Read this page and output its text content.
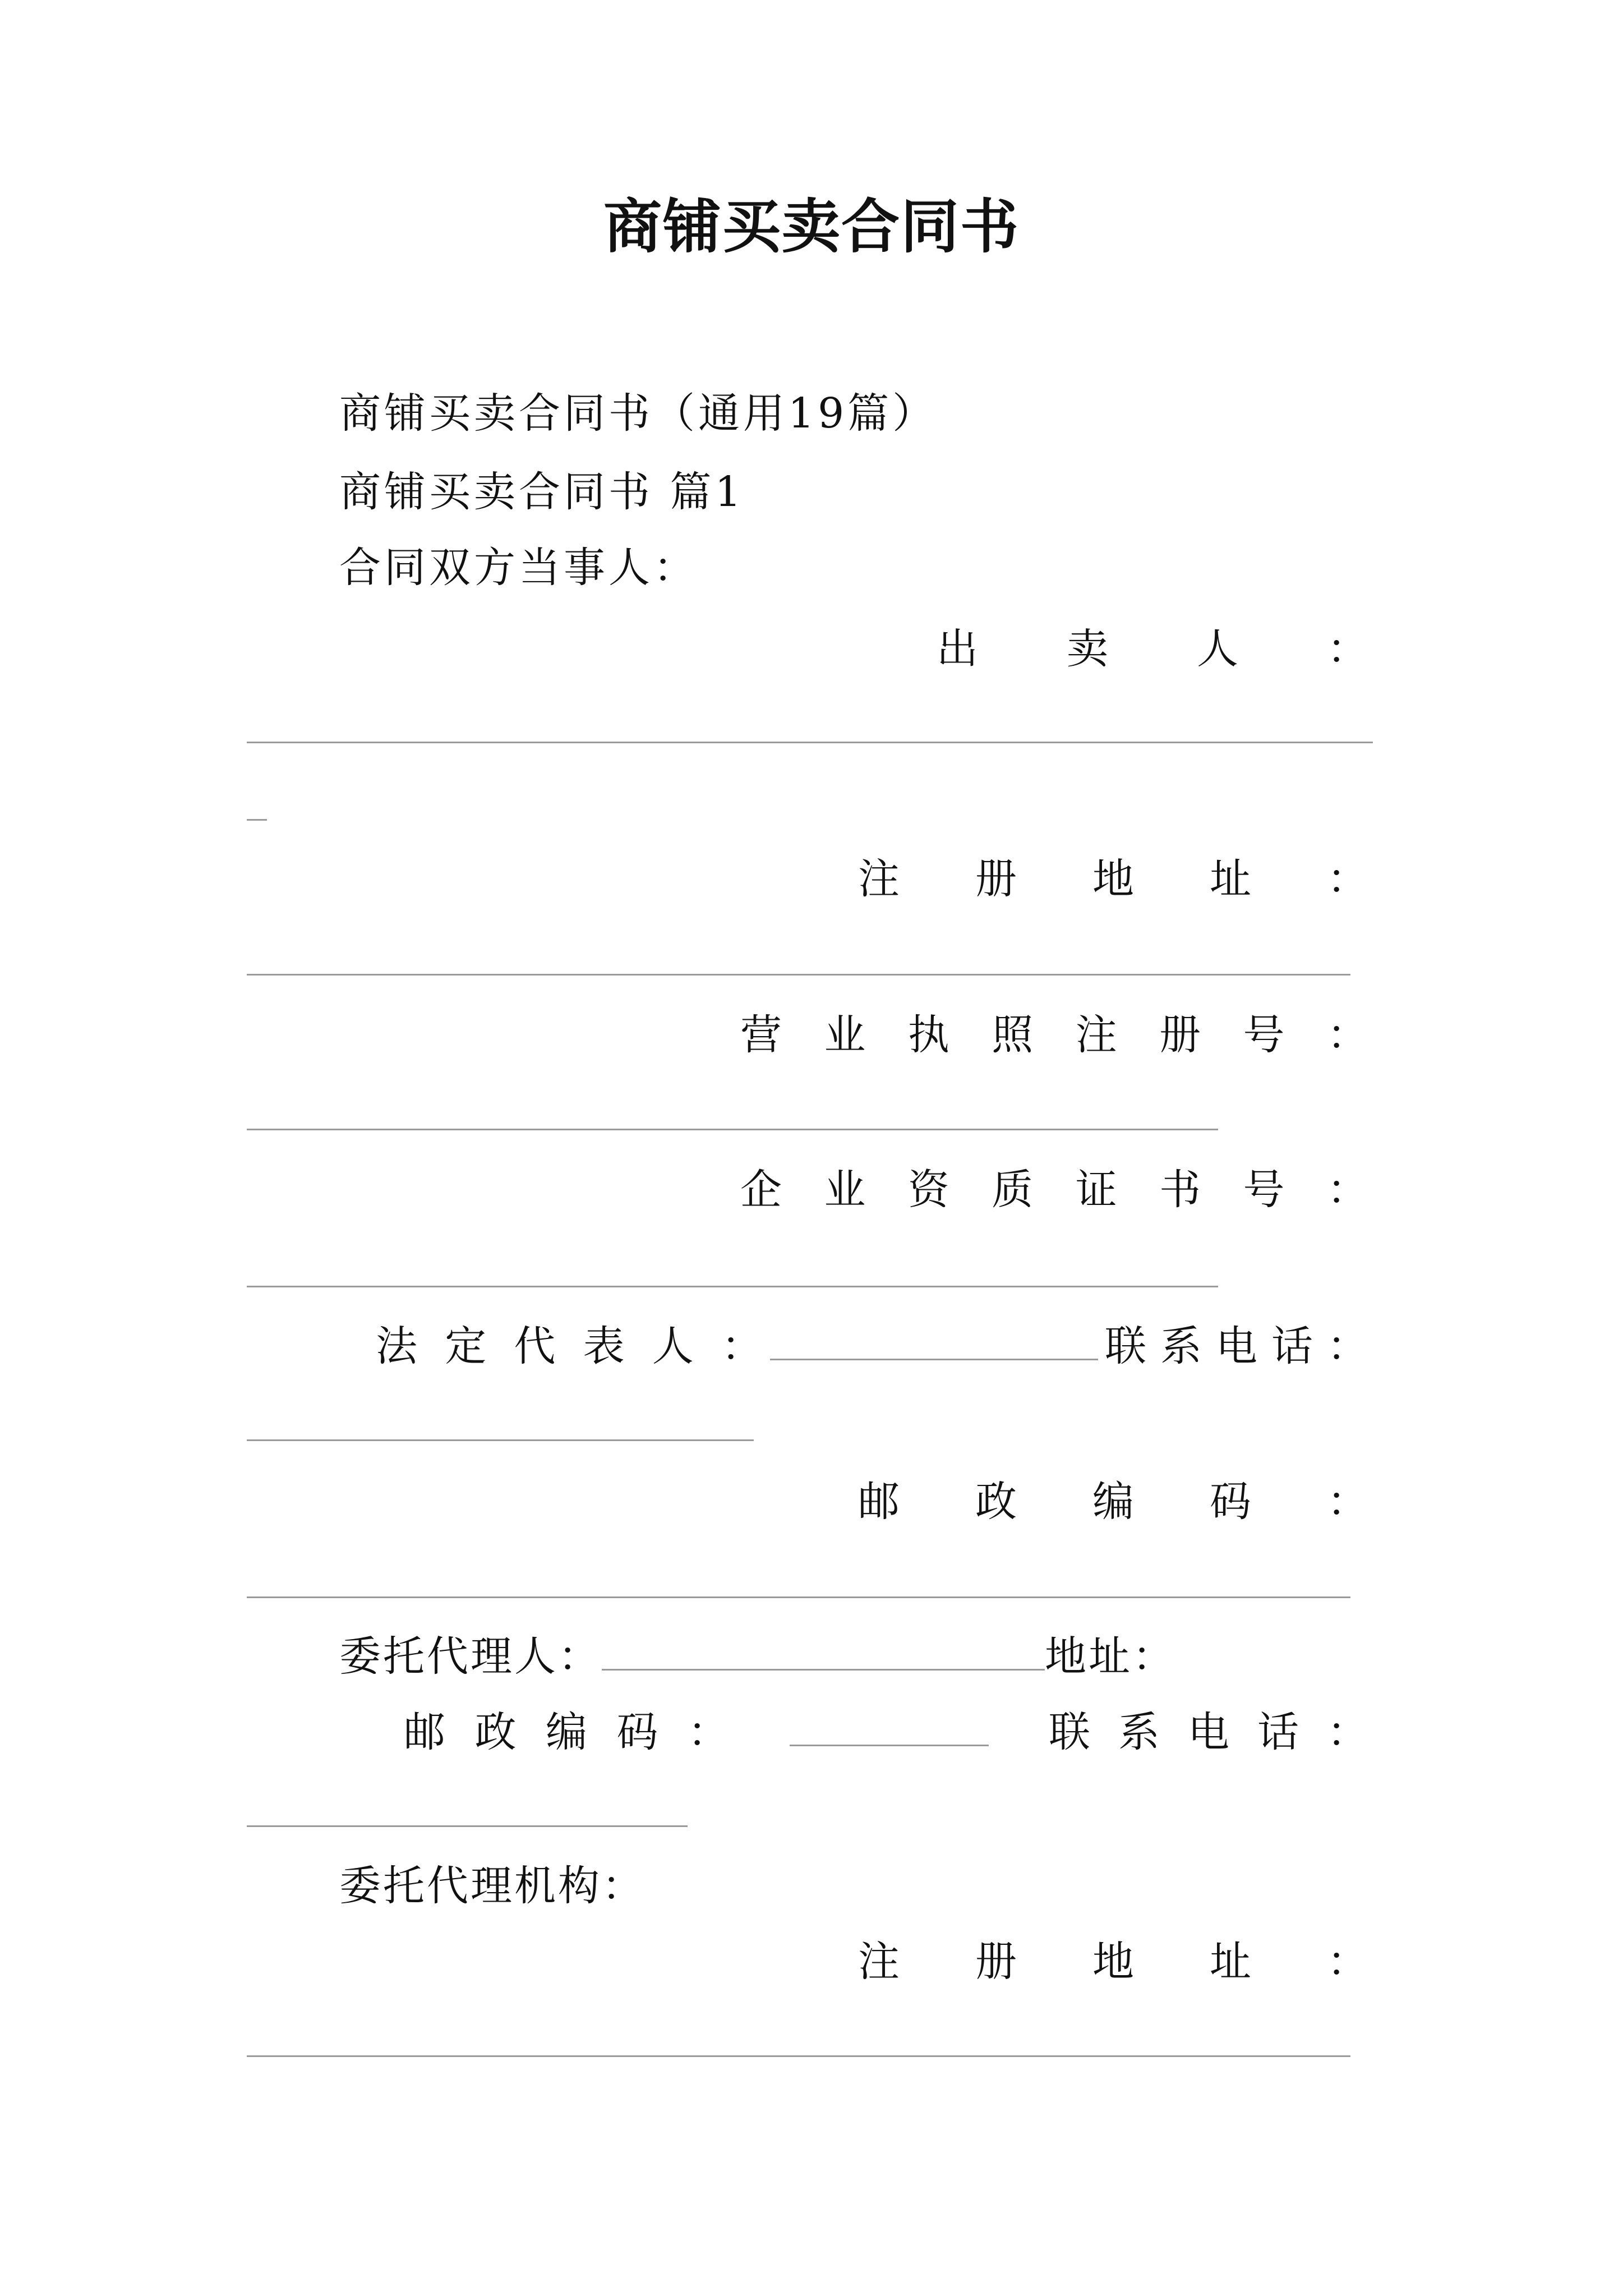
商铺买卖合同书
商铺买卖合同书（通用19篇）
商铺买卖合同书 篇1
合同双方当事人：
出 卖 人 ：
注 册 地 址 ：
营 业 执 照 注 册 号 ：
企 业 资 质 证 书 号 ：
法 定 代 表 人 ：	联 系 电 话 ：
邮 政 编 码 ：
委托代理人：	地址：
邮 政 编 码 ：	联 系 电 话 ：
委托代理机构：
注 册 地 址 ：
